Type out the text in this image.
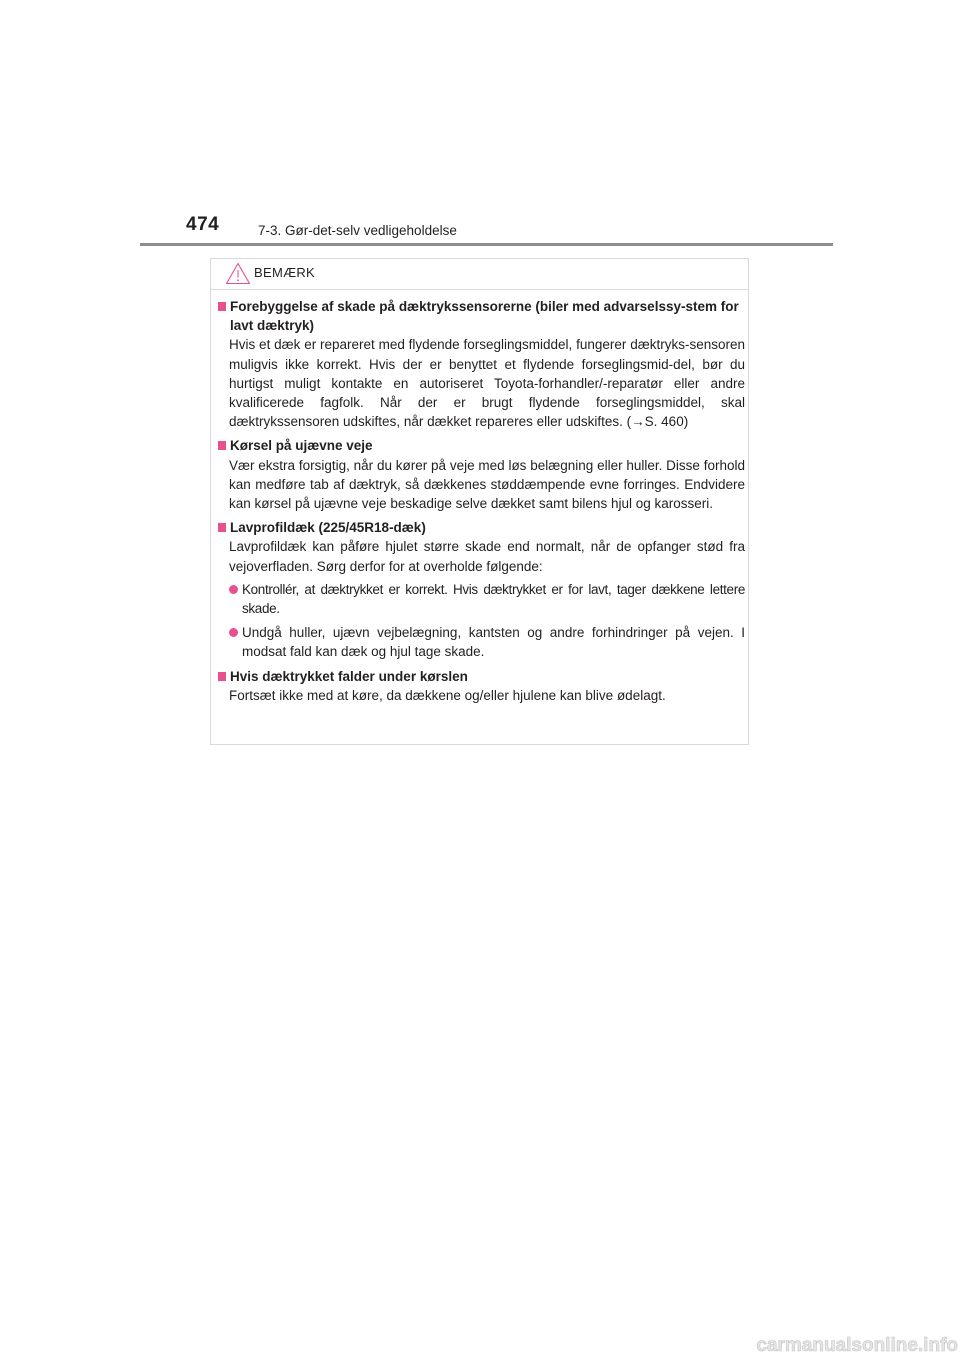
474	7-3. Gør-det-selv vedligeholdelse
BEMÆRK
Forebyggelse af skade på dæktrykssensorerne (biler med advarselssy-stem for lavt dæktryk)
Hvis et dæk er repareret med flydende forseglingsmiddel, fungerer dæktryks-sensoren muligvis ikke korrekt. Hvis der er benyttet et flydende forseglingsmid-del, bør du hurtigst muligt kontakte en autoriseret Toyota-forhandler/-reparatør eller andre kvalificerede fagfolk. Når der er brugt flydende forseglingsmiddel, skal dæktrykssensoren udskiftes, når dækket repareres eller udskiftes. (→S. 460)
Kørsel på ujævne veje
Vær ekstra forsigtig, når du kører på veje med løs belægning eller huller. Disse forhold kan medføre tab af dæktryk, så dækkenes støddæmpende evne forringes. Endvidere kan kørsel på ujævne veje beskadige selve dækket samt bilens hjul og karosseri.
Lavprofildæk (225/45R18-dæk)
Lavprofildæk kan påføre hjulet større skade end normalt, når de opfanger stød fra vejoverfladen. Sørg derfor for at overholde følgende:
Kontrollér, at dæktrykket er korrekt. Hvis dæktrykket er for lavt, tager dækkene lettere skade.
Undgå huller, ujævn vejbelægning, kantsten og andre forhindringer på vejen. I modsat fald kan dæk og hjul tage skade.
Hvis dæktrykket falder under kørslen
Fortsæt ikke med at køre, da dækkene og/eller hjulene kan blive ødelagt.
carmanualsonline.info
